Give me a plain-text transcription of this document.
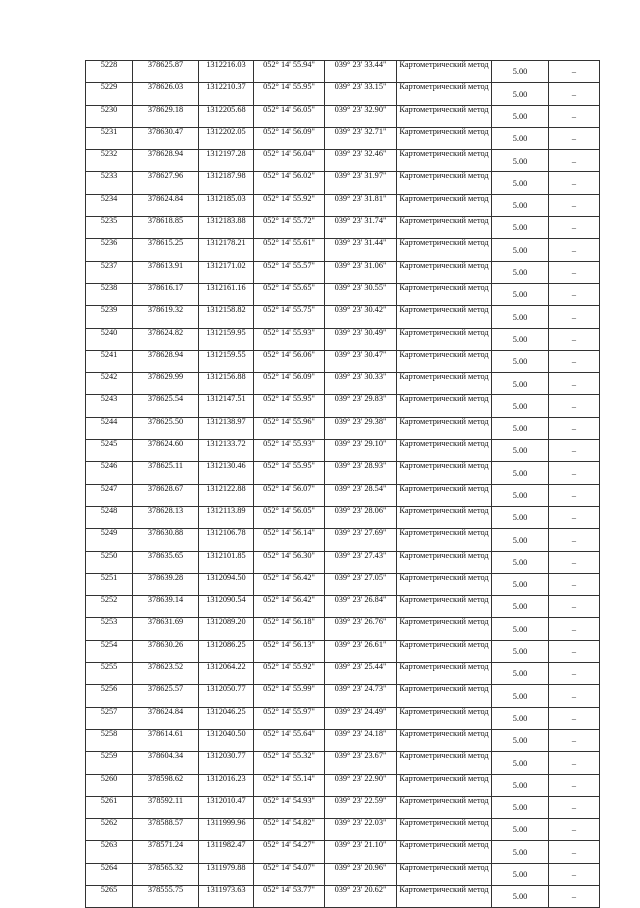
5228	378625.87	1312216.03	052° 14' 55.94"	039° 23' 33.44"	Картометрический метод	5.00	–
5229	378626.03	1312210.37	052° 14' 55.95"	039° 23' 33.15"	Картометрический метод	5.00	–
5230	378629.18	1312205.68	052° 14' 56.05"	039° 23' 32.90"	Картометрический метод	5.00	–
5231	378630.47	1312202.05	052° 14' 56.09"	039° 23' 32.71"	Картометрический метод	5.00	–
5232	378628.94	1312197.28	052° 14' 56.04"	039° 23' 32.46"	Картометрический метод	5.00	–
5233	378627.96	1312187.98	052° 14' 56.02"	039° 23' 31.97"	Картометрический метод	5.00	–
5234	378624.84	1312185.03	052° 14' 55.92"	039° 23' 31.81"	Картометрический метод	5.00	–
5235	378618.85	1312183.88	052° 14' 55.72"	039° 23' 31.74"	Картометрический метод	5.00	–
5236	378615.25	1312178.21	052° 14' 55.61"	039° 23' 31.44"	Картометрический метод	5.00	–
5237	378613.91	1312171.02	052° 14' 55.57"	039° 23' 31.06"	Картометрический метод	5.00	–
5238	378616.17	1312161.16	052° 14' 55.65"	039° 23' 30.55"	Картометрический метод	5.00	–
5239	378619.32	1312158.82	052° 14' 55.75"	039° 23' 30.42"	Картометрический метод	5.00	–
5240	378624.82	1312159.95	052° 14' 55.93"	039° 23' 30.49"	Картометрический метод	5.00	–
5241	378628.94	1312159.55	052° 14' 56.06"	039° 23' 30.47"	Картометрический метод	5.00	–
5242	378629.99	1312156.88	052° 14' 56.09"	039° 23' 30.33"	Картометрический метод	5.00	–
5243	378625.54	1312147.51	052° 14' 55.95"	039° 23' 29.83"	Картометрический метод	5.00	–
5244	378625.50	1312138.97	052° 14' 55.96"	039° 23' 29.38"	Картометрический метод	5.00	–
5245	378624.60	1312133.72	052° 14' 55.93"	039° 23' 29.10"	Картометрический метод	5.00	–
5246	378625.11	1312130.46	052° 14' 55.95"	039° 23' 28.93"	Картометрический метод	5.00	–
5247	378628.67	1312122.88	052° 14' 56.07"	039° 23' 28.54"	Картометрический метод	5.00	–
5248	378628.13	1312113.89	052° 14' 56.05"	039° 23' 28.06"	Картометрический метод	5.00	–
5249	378630.88	1312106.78	052° 14' 56.14"	039° 23' 27.69"	Картометрический метод	5.00	–
5250	378635.65	1312101.85	052° 14' 56.30"	039° 23' 27.43"	Картометрический метод	5.00	–
5251	378639.28	1312094.50	052° 14' 56.42"	039° 23' 27.05"	Картометрический метод	5.00	–
5252	378639.14	1312090.54	052° 14' 56.42"	039° 23' 26.84"	Картометрический метод	5.00	–
5253	378631.69	1312089.20	052° 14' 56.18"	039° 23' 26.76"	Картометрический метод	5.00	–
5254	378630.26	1312086.25	052° 14' 56.13"	039° 23' 26.61"	Картометрический метод	5.00	–
5255	378623.52	1312064.22	052° 14' 55.92"	039° 23' 25.44"	Картометрический метод	5.00	–
5256	378625.57	1312050.77	052° 14' 55.99"	039° 23' 24.73"	Картометрический метод	5.00	–
5257	378624.84	1312046.25	052° 14' 55.97"	039° 23' 24.49"	Картометрический метод	5.00	–
5258	378614.61	1312040.50	052° 14' 55.64"	039° 23' 24.18"	Картометрический метод	5.00	–
5259	378604.34	1312030.77	052° 14' 55.32"	039° 23' 23.67"	Картометрический метод	5.00	–
5260	378598.62	1312016.23	052° 14' 55.14"	039° 23' 22.90"	Картометрический метод	5.00	–
5261	378592.11	1312010.47	052° 14' 54.93"	039° 23' 22.59"	Картометрический метод	5.00	–
5262	378588.57	1311999.96	052° 14' 54.82"	039° 23' 22.03"	Картометрический метод	5.00	–
5263	378571.24	1311982.47	052° 14' 54.27"	039° 23' 21.10"	Картометрический метод	5.00	–
5264	378565.32	1311979.88	052° 14' 54.07"	039° 23' 20.96"	Картометрический метод	5.00	–
5265	378555.75	1311973.63	052° 14' 53.77"	039° 23' 20.62"	Картометрический метод	5.00	–
